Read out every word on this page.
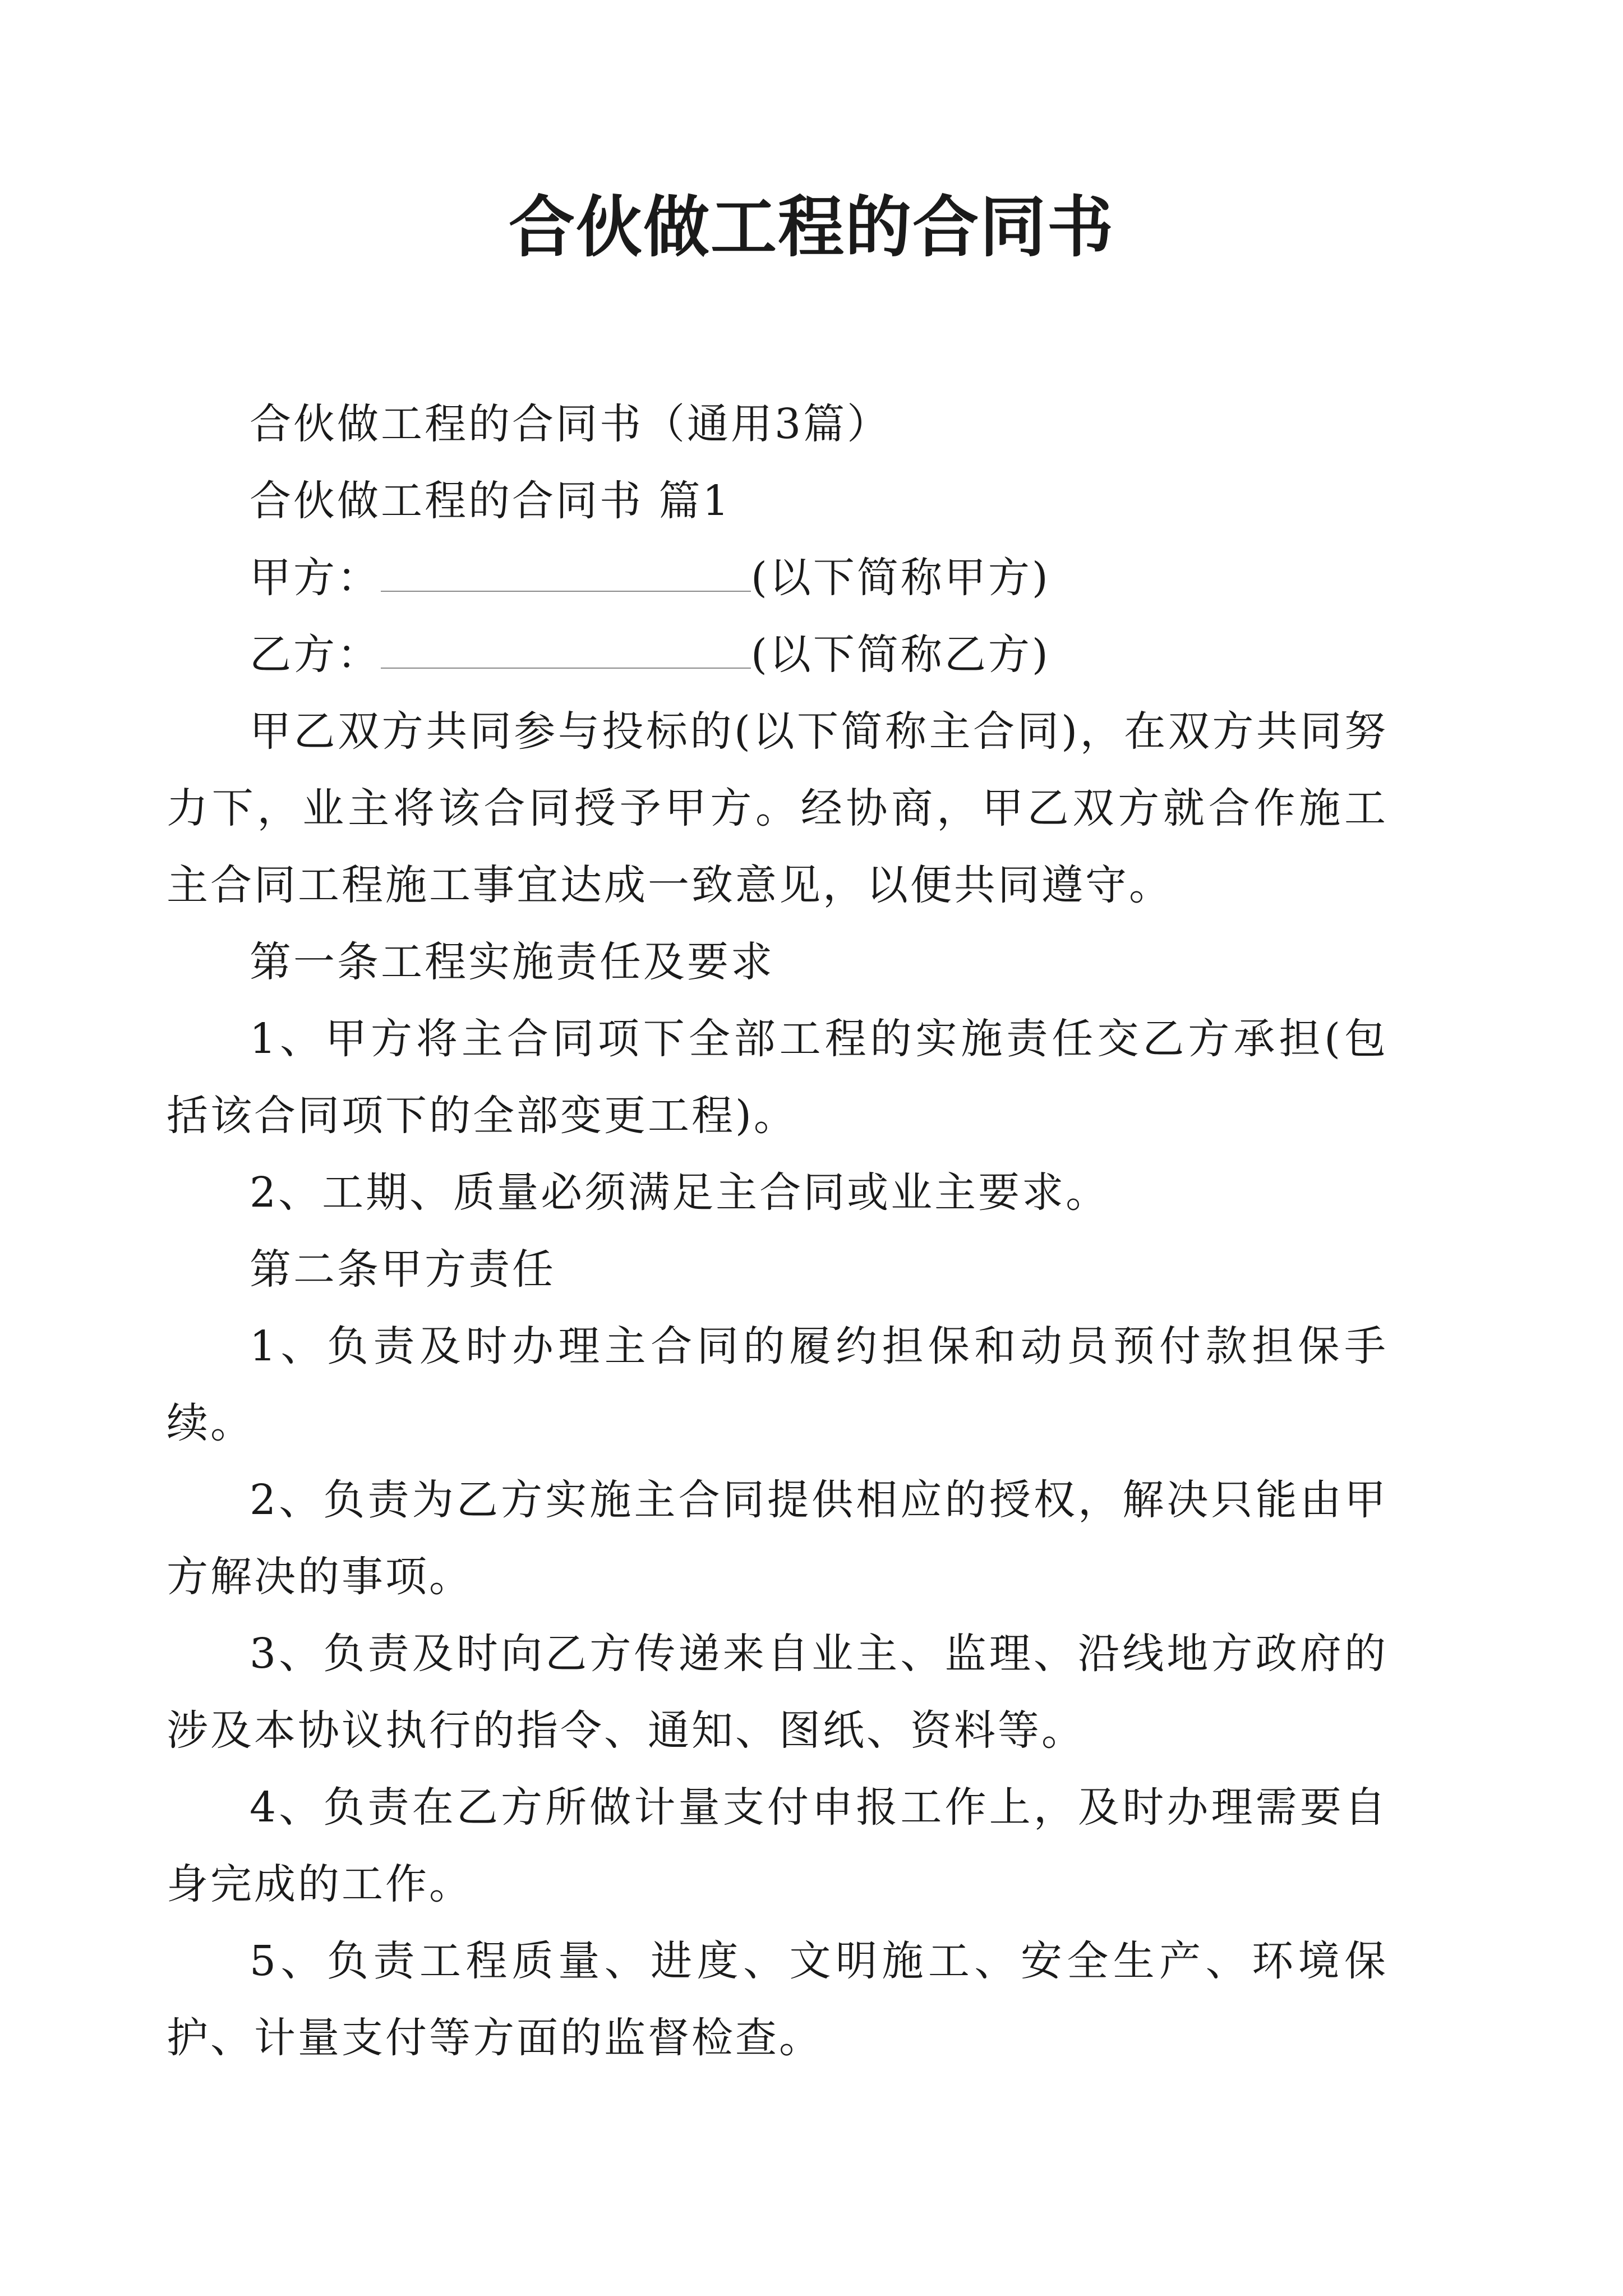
合伙做工程的合同书

合伙做工程的合同书（通用3篇）

合伙做工程的合同书 篇1

甲方：	(以下简称甲方)

乙方：	(以下简称乙方)

甲乙双方共同参与投标的(以下简称主合同)，在双方共同努力下，业主将该合同授予甲方。经协商，甲乙双方就合作施工主合同工程施工事宜达成一致意见，以便共同遵守。

第一条工程实施责任及要求

1、甲方将主合同项下全部工程的实施责任交乙方承担(包括该合同项下的全部变更工程)。

2、工期、质量必须满足主合同或业主要求。

第二条甲方责任

1、负责及时办理主合同的履约担保和动员预付款担保手续。

2、负责为乙方实施主合同提供相应的授权，解决只能由甲方解决的事项。

3、负责及时向乙方传递来自业主、监理、沿线地方政府的涉及本协议执行的指令、通知、图纸、资料等。

4、负责在乙方所做计量支付申报工作上，及时办理需要自身完成的工作。

5、负责工程质量、进度、文明施工、安全生产、环境保护、计量支付等方面的监督检查。
